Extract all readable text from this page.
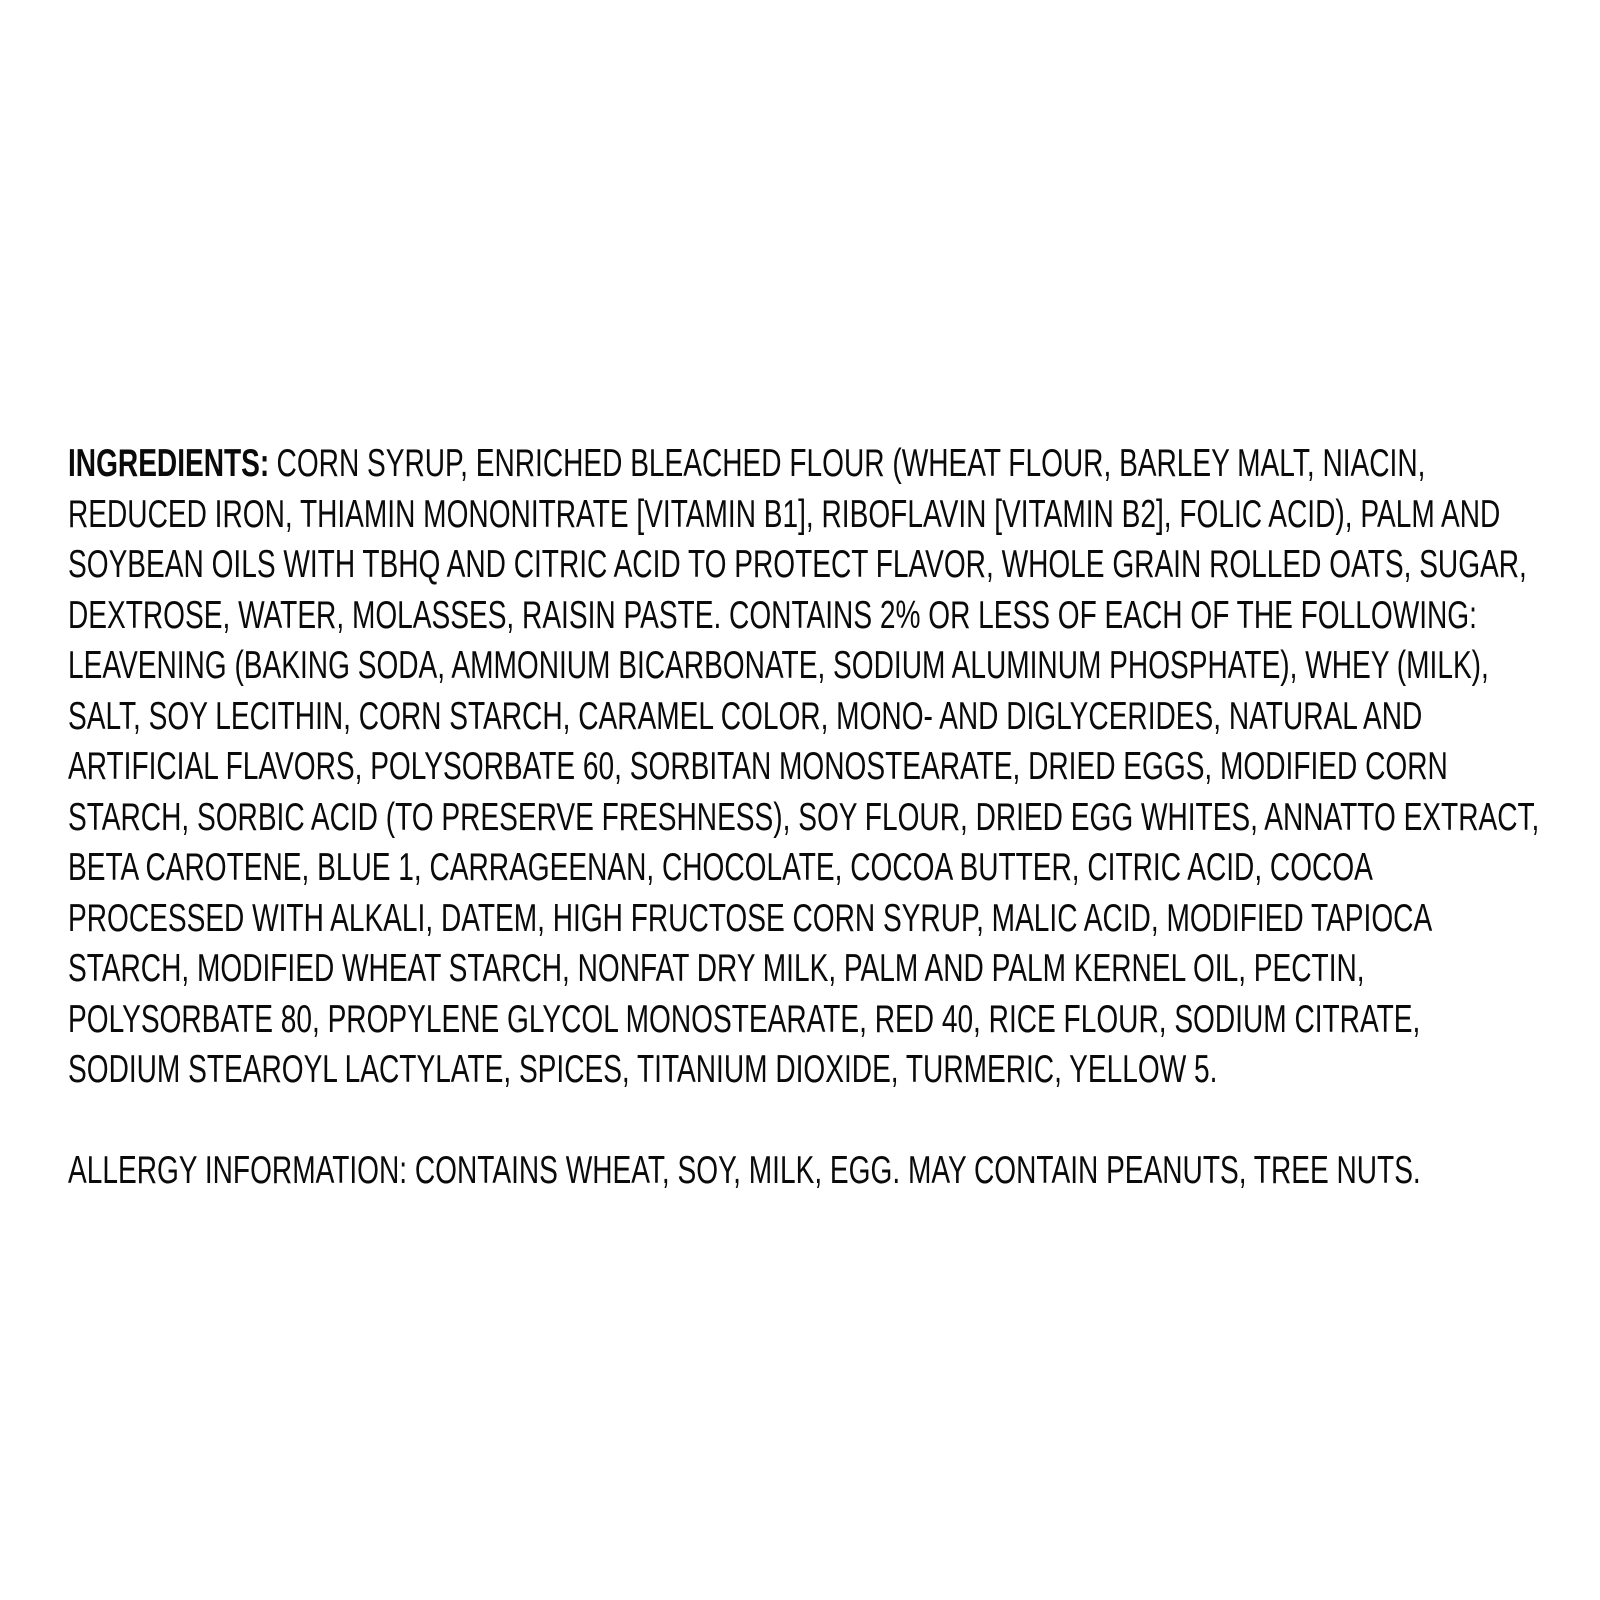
INGREDIENTS: CORN SYRUP, ENRICHED BLEACHED FLOUR (WHEAT FLOUR, BARLEY MALT, NIACIN,
REDUCED IRON, THIAMIN MONONITRATE [VITAMIN B1], RIBOFLAVIN [VITAMIN B2], FOLIC ACID), PALM AND
SOYBEAN OILS WITH TBHQ AND CITRIC ACID TO PROTECT FLAVOR, WHOLE GRAIN ROLLED OATS, SUGAR,
DEXTROSE, WATER, MOLASSES, RAISIN PASTE. CONTAINS 2% OR LESS OF EACH OF THE FOLLOWING:
LEAVENING (BAKING SODA, AMMONIUM BICARBONATE, SODIUM ALUMINUM PHOSPHATE), WHEY (MILK),
SALT, SOY LECITHIN, CORN STARCH, CARAMEL COLOR, MONO- AND DIGLYCERIDES, NATURAL AND
ARTIFICIAL FLAVORS, POLYSORBATE 60, SORBITAN MONOSTEARATE, DRIED EGGS, MODIFIED CORN
STARCH, SORBIC ACID (TO PRESERVE FRESHNESS), SOY FLOUR, DRIED EGG WHITES, ANNATTO EXTRACT,
BETA CAROTENE, BLUE 1, CARRAGEENAN, CHOCOLATE, COCOA BUTTER, CITRIC ACID, COCOA
PROCESSED WITH ALKALI, DATEM, HIGH FRUCTOSE CORN SYRUP, MALIC ACID, MODIFIED TAPIOCA
STARCH, MODIFIED WHEAT STARCH, NONFAT DRY MILK, PALM AND PALM KERNEL OIL, PECTIN,
POLYSORBATE 80, PROPYLENE GLYCOL MONOSTEARATE, RED 40, RICE FLOUR, SODIUM CITRATE,
SODIUM STEAROYL LACTYLATE, SPICES, TITANIUM DIOXIDE, TURMERIC, YELLOW 5.
ALLERGY INFORMATION: CONTAINS WHEAT, SOY, MILK, EGG. MAY CONTAIN PEANUTS, TREE NUTS.
